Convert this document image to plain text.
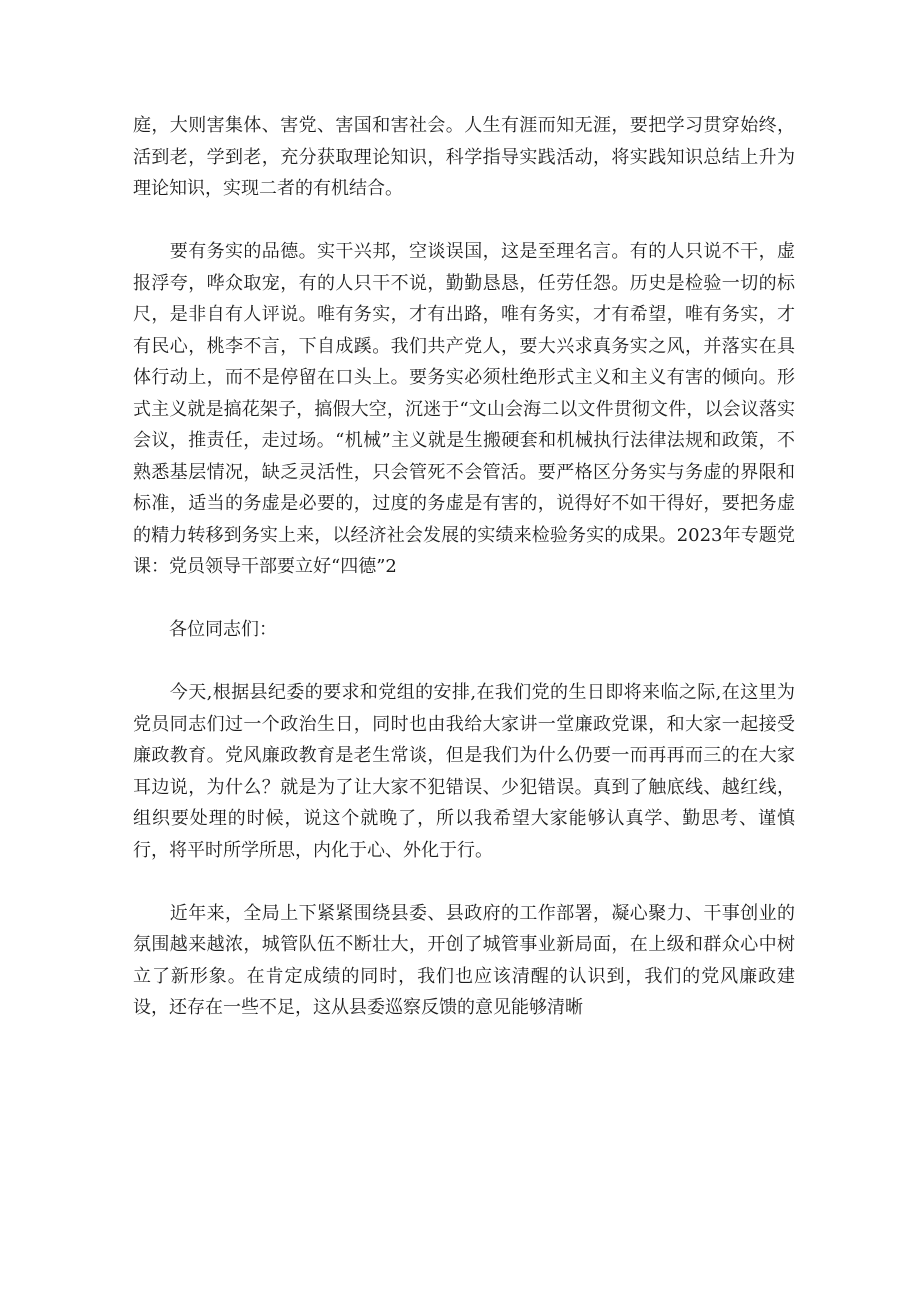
庭，大则害集体、害党、害国和害社会。人生有涯而知无涯，要把学习贯穿始终，活到老，学到老，充分获取理论知识，科学指导实践活动，将实践知识总结上升为理论知识，实现二者的有机结合。

　　要有务实的品德。实干兴邦，空谈误国，这是至理名言。有的人只说不干，虚报浮夸，哗众取宠，有的人只干不说，勤勤恳恳，任劳任怨。历史是检验一切的标尺，是非自有人评说。唯有务实，才有出路，唯有务实，才有希望，唯有务实，才有民心，桃李不言，下自成蹊。我们共产党人，要大兴求真务实之风，并落实在具体行动上，而不是停留在口头上。要务实必须杜绝形式主义和主义有害的倾向。形式主义就是搞花架子，搞假大空，沉迷于“文山会海二以文件贯彻文件，以会议落实会议，推责任，走过场。“机械”主义就是生搬硬套和机械执行法律法规和政策，不熟悉基层情况，缺乏灵活性，只会管死不会管活。要严格区分务实与务虚的界限和标准，适当的务虚是必要的，过度的务虚是有害的，说得好不如干得好，要把务虚的精力转移到务实上来，以经济社会发展的实绩来检验务实的成果。2023年专题党课：党员领导干部要立好“四德”2

　　各位同志们：

　　今天,根据县纪委的要求和党组的安排,在我们党的生日即将来临之际,在这里为党员同志们过一个政治生日，同时也由我给大家讲一堂廉政党课，和大家一起接受廉政教育。党风廉政教育是老生常谈，但是我们为什么仍要一而再再而三的在大家耳边说，为什么？就是为了让大家不犯错误、少犯错误。真到了触底线、越红线，组织要处理的时候，说这个就晚了，所以我希望大家能够认真学、勤思考、谨慎行，将平时所学所思，内化于心、外化于行。

　　近年来，全局上下紧紧围绕县委、县政府的工作部署，凝心聚力、干事创业的氛围越来越浓，城管队伍不断壮大，开创了城管事业新局面，在上级和群众心中树立了新形象。在肯定成绩的同时，我们也应该清醒的认识到，我们的党风廉政建设，还存在一些不足，这从县委巡察反馈的意见能够清晰
